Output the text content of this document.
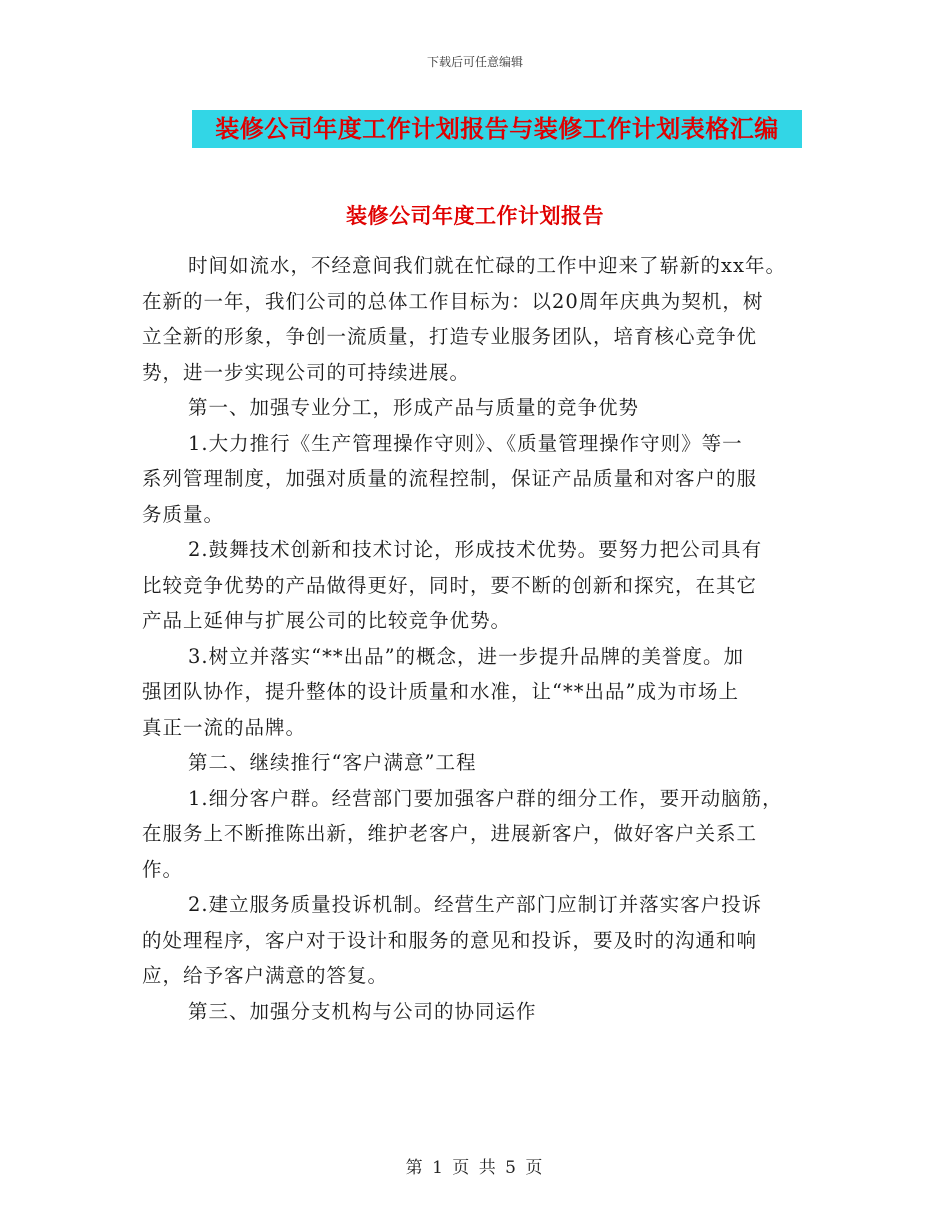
下载后可任意编辑
装修公司年度工作计划报告与装修工作计划表格汇编
装修公司年度工作计划报告

时间如流水，不经意间我们就在忙碌的工作中迎来了崭新的xx年。
在新的一年，我们公司的总体工作目标为：以20周年庆典为契机，树
立全新的形象，争创一流质量，打造专业服务团队，培育核心竞争优
势，进一步实现公司的可持续进展。

第一、加强专业分工，形成产品与质量的竞争优势

1.大力推行《生产管理操作守则》、《质量管理操作守则》等一
系列管理制度，加强对质量的流程控制，保证产品质量和对客户的服
务质量。

2.鼓舞技术创新和技术讨论，形成技术优势。要努力把公司具有
比较竞争优势的产品做得更好，同时，要不断的创新和探究，在其它
产品上延伸与扩展公司的比较竞争优势。

3.树立并落实“**出品”的概念，进一步提升品牌的美誉度。加
强团队协作，提升整体的设计质量和水准，让“**出品”成为市场上
真正一流的品牌。

第二、继续推行“客户满意”工程

1.细分客户群。经营部门要加强客户群的细分工作，要开动脑筋，
在服务上不断推陈出新，维护老客户，进展新客户，做好客户关系工
作。

2.建立服务质量投诉机制。经营生产部门应制订并落实客户投诉
的处理程序，客户对于设计和服务的意见和投诉，要及时的沟通和响
应，给予客户满意的答复。

第三、加强分支机构与公司的协同运作

第 1 页 共 5 页
